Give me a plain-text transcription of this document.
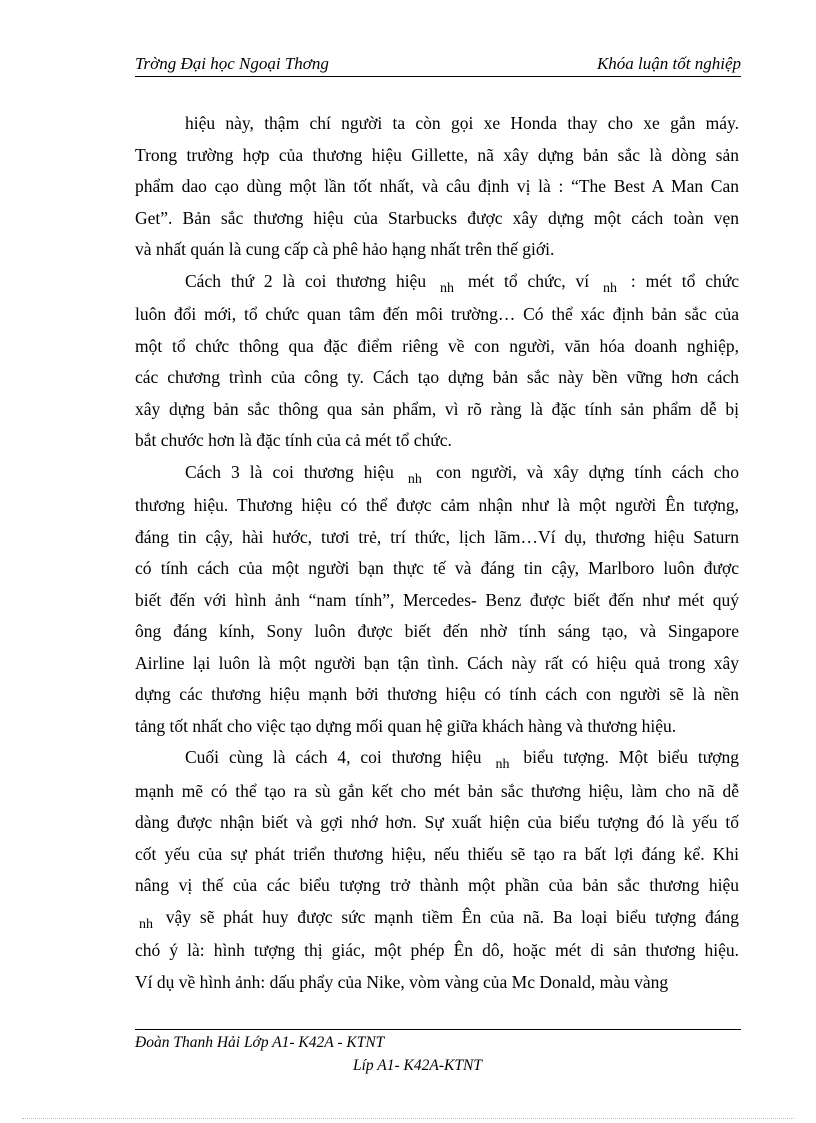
Trờng Đại học Ngoại Thơng	Khóa luận tốt nghiệp

hiệu này, thậm chí người ta còn gọi xe Honda thay cho xe gắn máy.
Trong trường hợp của thương hiệu Gillette, nã xây dựng bản sắc là dòng sản
phẩm dao cạo dùng một lần tốt nhất, và câu định vị là : “The Best A Man Can
Get”. Bản sắc thương hiệu của Starbucks được xây dựng một cách toàn vẹn
và nhất quán là cung cấp cà phê hảo hạng nhất trên thế giới.

Cách thứ 2 là coi thương hiệu $_{nh}$ mét tổ chức, ví $_{nh}$ : mét tổ chức
luôn đổi mới, tổ chức quan tâm đến môi trường… Có thể xác định bản sắc của
một tổ chức thông qua đặc điểm riêng về con người, văn hóa doanh nghiệp,
các chương trình của công ty. Cách tạo dựng bản sắc này bền vững hơn cách
xây dựng bản sắc thông qua sản phẩm, vì rõ ràng là đặc tính sản phẩm dễ bị
bắt chước hơn là đặc tính của cả mét tổ chức.

Cách 3 là coi thương hiệu $_{nh}$ con người, và xây dựng tính cách cho
thương hiệu. Thương hiệu có thể được cảm nhận như là một người Ên tượng,
đáng tin cậy, hài hước, tươi trẻ, trí thức, lịch lãm…Ví dụ, thương hiệu Saturn
có tính cách của một người bạn thực tế và đáng tin cậy, Marlboro luôn được
biết đến với hình ảnh “nam tính”, Mercedes- Benz được biết đến như mét quý
ông đáng kính, Sony luôn được biết đến nhờ tính sáng tạo, và Singapore
Airline lại luôn là một người bạn tận tình. Cách này rất có hiệu quả trong xây
dựng các thương hiệu mạnh bởi thương hiệu có tính cách con người sẽ là nền
tảng tốt nhất cho việc tạo dựng mối quan hệ giữa khách hàng và thương hiệu.

Cuối cùng là cách 4, coi thương hiệu $_{nh}$ biểu tượng. Một biểu tượng
mạnh mẽ có thể tạo ra sù gắn kết cho mét bản sắc thương hiệu, làm cho nã dễ
dàng được nhận biết và gợi nhớ hơn. Sự xuất hiện của biểu tượng đó là yếu tố
cốt yếu của sự phát triển thương hiệu, nếu thiếu sẽ tạo ra bất lợi đáng kể. Khi
nâng vị thế của các biểu tượng trở thành một phần của bản sắc thương hiệu
$_{nh}$ vậy sẽ phát huy được sức mạnh tiềm Ên của nã. Ba loại biểu tượng đáng
chó ý là: hình tượng thị giác, một phép Ên dô, hoặc mét di sản thương hiệu.
Ví dụ về hình ảnh: dấu phẩy của Nike, vòm vàng của Mc Donald, màu vàng

Đoàn Thanh Hải Lớp A1- K42A - KTNT
Líp A1- K42A-KTNT
